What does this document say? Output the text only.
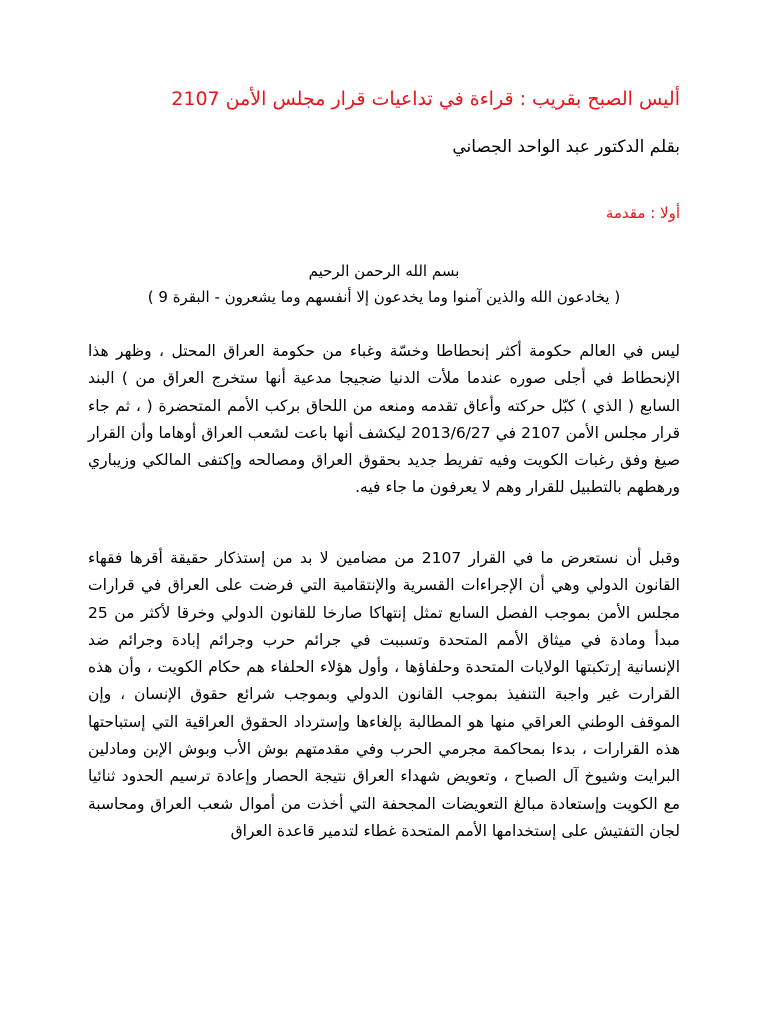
أليس الصبح بقريب : قراءة في تداعيات قرار مجلس الأمن 2107
بقلم الدكتور عبد الواحد الجصاني
أولا : مقدمة
بسم الله الرحمن الرحيم
( يخادعون الله والذين آمنوا وما يخدعون إلا أنفسهم وما يشعرون - البقرة 9 )
ليس في العالم حكومة أكثر إنحطاطا وخسّة وغباء من حكومة العراق المحتل ، وظهر هذا الإنحطاط في أجلى صوره عندما ملأت الدنيا ضجيجا مدعية أنها ستخرج العراق من ) البند السابع ( الذي ) كبّل حركته وأعاق تقدمه ومنعه من اللحاق بركب الأمم المتحضرة ( ، ثم جاء قرار مجلس الأمن 2107 في 2013/6/27 ليكشف أنها باعت لشعب العراق أوهاما وأن القرار صيغ وفق رغبات الكويت وفيه تفريط جديد بحقوق العراق ومصالحه وإكتفى المالكي وزيباري ورهطهم بالتطبيل للقرار وهم لا يعرفون ما جاء فيه.
وقبل أن نستعرض ما في القرار 2107 من مضامين لا بد من إستذكار حقيقة أقرها فقهاء القانون الدولي وهي أن الإجراءات القسرية والإنتقامية التي فرضت على العراق في قرارات مجلس الأمن بموجب الفصل السابع تمثل إنتهاكا صارخا للقانون الدولي وخرقا لأكثر من 25 مبدأ ومادة في ميثاق الأمم المتحدة وتسببت في جرائم حرب وجرائم إبادة وجرائم ضد الإنسانية إرتكبتها الولايات المتحدة وحلفاؤها ، وأول هؤلاء الحلفاء هم حكام الكويت ، وأن هذه القرارت غير واجبة التنفيذ بموجب القانون الدولي وبموجب شرائع حقوق الإنسان ، وإن الموقف الوطني العراقي منها هو المطالبة بإلغاءها وإسترداد الحقوق العراقية التي إستباحتها هذه القرارات ، بدءا بمحاكمة مجرمي الحرب وفي مقدمتهم بوش الأب وبوش الإبن ومادلين البرايت وشيوخ آل الصباح ، وتعويض شهداء العراق نتيجة الحصار وإعادة ترسيم الحدود ثنائيا مع الكويت وإستعادة مبالغ التعويضات المجحفة التي أخذت من أموال شعب العراق ومحاسبة لجان التفتيش على إستخدامها الأمم المتحدة غطاء لتدمير قاعدة العراق
